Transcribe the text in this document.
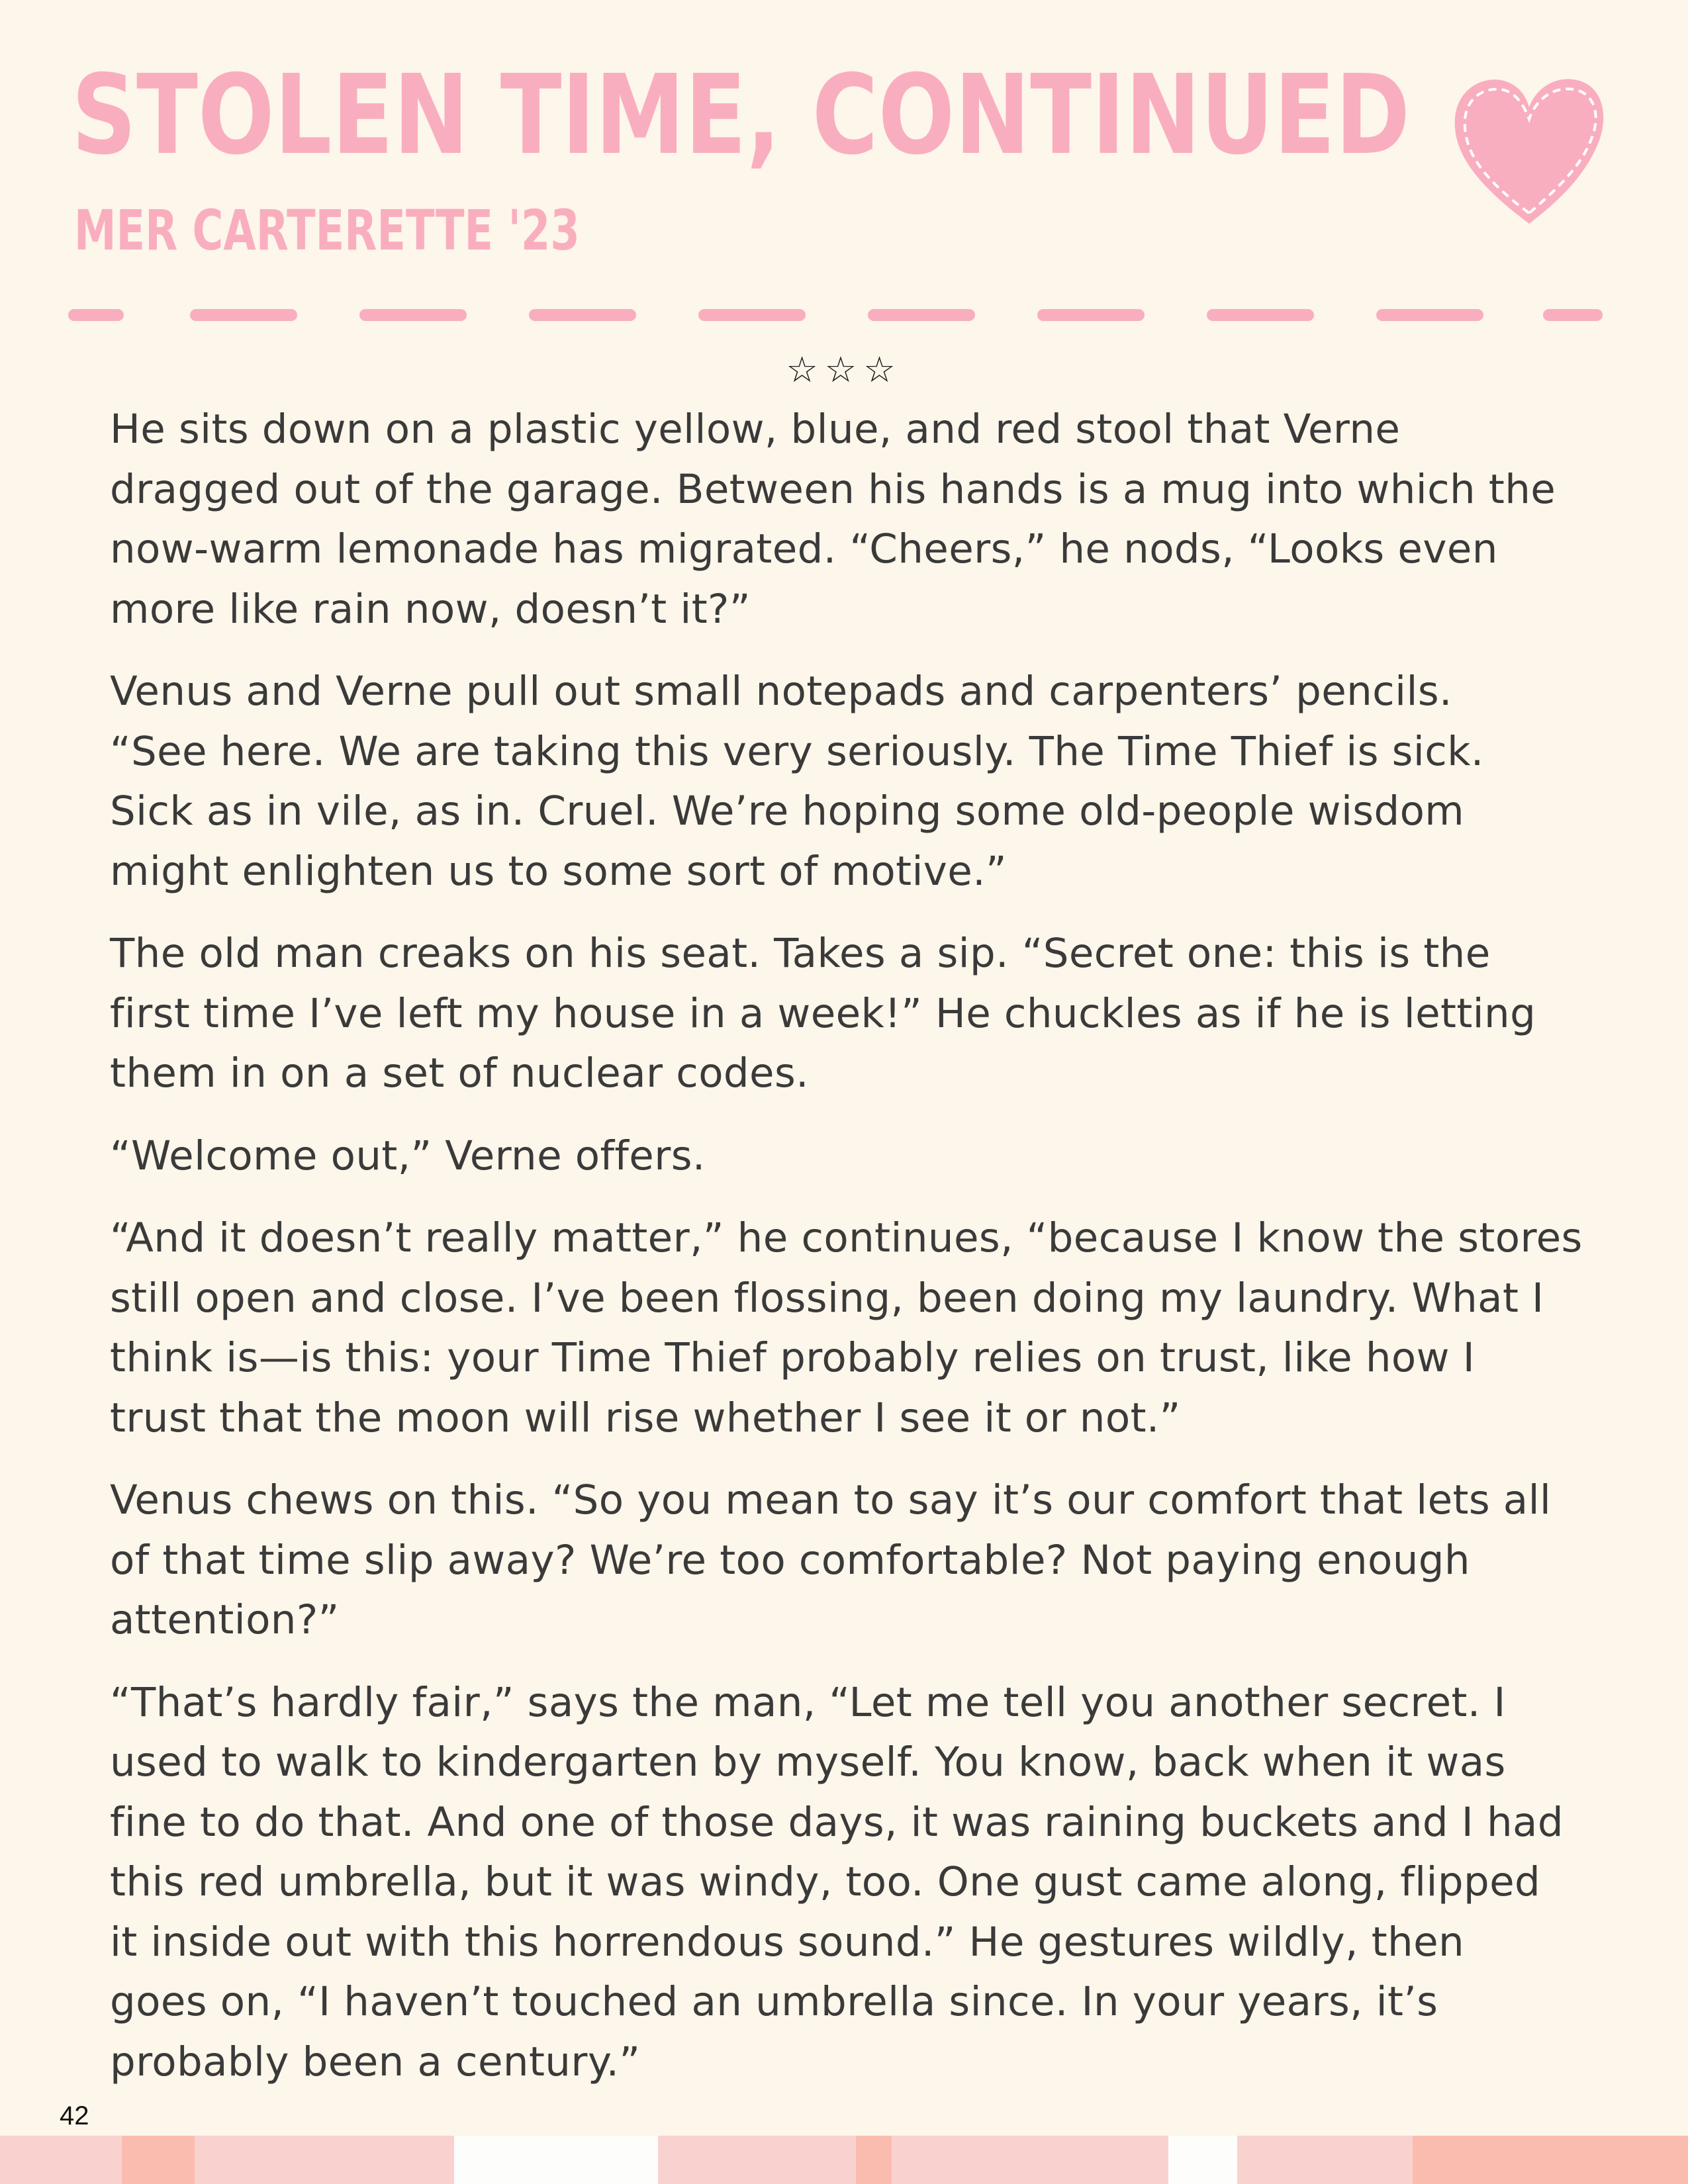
STOLEN TIME, CONTINUED
MER CARTERETTE '23
☆☆☆

He sits down on a plastic yellow, blue, and red stool that Verne
dragged out of the garage. Between his hands is a mug into which the
now-warm lemonade has migrated. “Cheers,” he nods, “Looks even
more like rain now, doesn’t it?”

Venus and Verne pull out small notepads and carpenters’ pencils.
“See here. We are taking this very seriously. The Time Thief is sick.
Sick as in vile, as in. Cruel. We’re hoping some old-people wisdom
might enlighten us to some sort of motive.”

The old man creaks on his seat. Takes a sip. “Secret one: this is the
first time I’ve left my house in a week!” He chuckles as if he is letting
them in on a set of nuclear codes.

“Welcome out,” Verne offers.

“And it doesn’t really matter,” he continues, “because I know the stores
still open and close. I’ve been flossing, been doing my laundry. What I
think is—is this: your Time Thief probably relies on trust, like how I
trust that the moon will rise whether I see it or not.”

Venus chews on this. “So you mean to say it’s our comfort that lets all
of that time slip away? We’re too comfortable? Not paying enough
attention?”

“That’s hardly fair,” says the man, “Let me tell you another secret. I
used to walk to kindergarten by myself. You know, back when it was
fine to do that. And one of those days, it was raining buckets and I had
this red umbrella, but it was windy, too. One gust came along, flipped
it inside out with this horrendous sound.” He gestures wildly, then
goes on, “I haven’t touched an umbrella since. In your years, it’s
probably been a century.”

42
